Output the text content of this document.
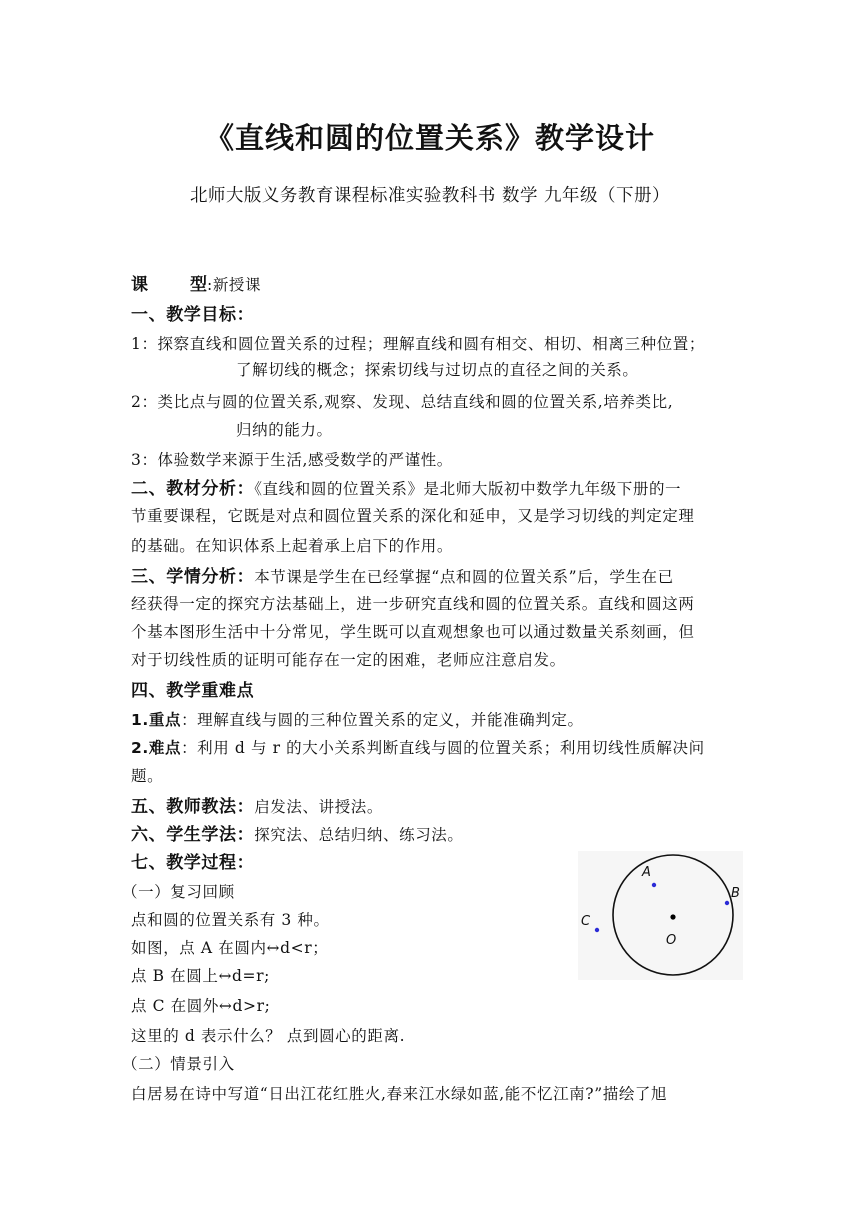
《直线和圆的位置关系》教学设计
北师大版义务教育课程标准实验教科书 数学 九年级（下册）
课 型:新授课
一、教学目标：
1：探察直线和圆位置关系的过程；理解直线和圆有相交、相切、相离三种位置；
了解切线的概念；探索切线与过切点的直径之间的关系。
2：类比点与圆的位置关系,观察、发现、总结直线和圆的位置关系,培养类比,
归纳的能力。
3：体验数学来源于生活,感受数学的严谨性。
二、教材分析：《直线和圆的位置关系》是北师大版初中数学九年级下册的一
节重要课程，它既是对点和圆位置关系的深化和延申，又是学习切线的判定定理
的基础。在知识体系上起着承上启下的作用。
三、学情分析：本节课是学生在已经掌握“点和圆的位置关系”后，学生在已
经获得一定的探究方法基础上，进一步研究直线和圆的位置关系。直线和圆这两
个基本图形生活中十分常见，学生既可以直观想象也可以通过数量关系刻画，但
对于切线性质的证明可能存在一定的困难，老师应注意启发。
四、教学重难点
1.重点：理解直线与圆的三种位置关系的定义，并能准确判定。
2.难点：利用 d 与 r 的大小关系判断直线与圆的位置关系；利用切线性质解决问
题。
五、教师教法：启发法、讲授法。
六、学生学法：探究法、总结归纳、练习法。
七、教学过程：
（一）复习回顾
点和圆的位置关系有 3 种。
如图，点 A 在圆内↔d<r；
点 B 在圆上↔d=r;
点 C 在圆外↔d>r;
这里的 d 表示什么？ 点到圆心的距离.
（二）情景引入
白居易在诗中写道“日出江花红胜火,春来江水绿如蓝,能不忆江南?”描绘了旭
A
B
C
O
